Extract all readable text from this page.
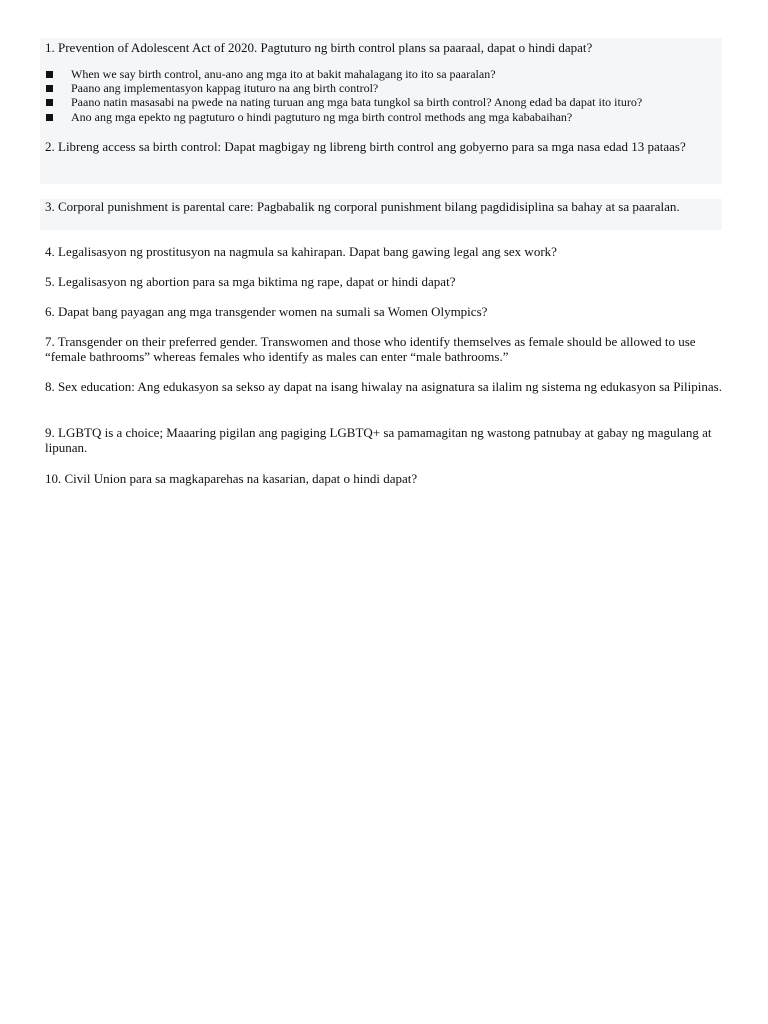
1. Prevention of Adolescent Act of 2020. Pagtuturo ng birth control plans sa paaraal, dapat o hindi dapat?

When we say birth control, anu-ano ang mga ito at bakit mahalagang ito ito sa paaralan?
Paano ang implementasyon kappag ituturo na ang birth control?
Paano natin masasabi na pwede na nating turuan ang mga bata tungkol sa birth control? Anong edad ba dapat ito ituro?
Ano ang mga epekto ng pagtuturo o hindi pagtuturo ng mga birth control methods ang mga kababaihan?

2. Libreng access sa birth control: Dapat magbigay ng libreng birth control ang gobyerno para sa mga nasa edad 13 pataas?

3. Corporal punishment is parental care: Pagbabalik ng corporal punishment bilang pagdidisiplina sa bahay at sa paaralan.

4. Legalisasyon ng prostitusyon na nagmula sa kahirapan. Dapat bang gawing legal ang sex work?

5. Legalisasyon ng abortion para sa mga biktima ng rape, dapat or hindi dapat?

6. Dapat bang payagan ang mga transgender women na sumali sa Women Olympics?

7. Transgender on their preferred gender. Transwomen and those who identify themselves as female should be allowed to use “female bathrooms” whereas females who identify as males can enter “male bathrooms.”

8. Sex education: Ang edukasyon sa sekso ay dapat na isang hiwalay na asignatura sa ilalim ng sistema ng edukasyon sa Pilipinas.

9. LGBTQ is a choice; Maaaring pigilan ang pagiging LGBTQ+ sa pamamagitan ng wastong patnubay at gabay ng magulang at lipunan.

10. Civil Union para sa magkaparehas na kasarian, dapat o hindi dapat?
